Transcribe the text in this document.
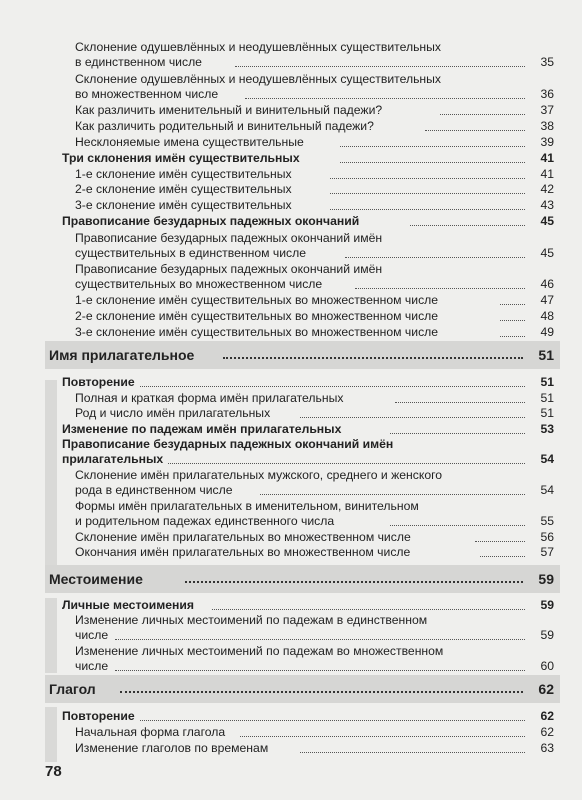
Склонение одушевлённых и неодушевлённых существительных
в единственном числе	35
Склонение одушевлённых и неодушевлённых существительных
во множественном числе	36
Как различить именительный и винительный падежи?	37
Как различить родительный и винительный падежи?	38
Несклоняемые имена существительные	39
Три склонения имён существительных	41
1-е склонение имён существительных	41
2-е склонение имён существительных	42
3-е склонение имён существительных	43
Правописание безударных падежных окончаний	45
Правописание безударных падежных окончаний имён
существительных в единственном числе	45
Правописание безударных падежных окончаний имён
существительных во множественном числе	46
1-е склонение имён существительных во множественном числе	47
2-е склонение имён существительных во множественном числе	48
3-е склонение имён существительных во множественном числе	49
Имя прилагательное	51
Повторение	51
Полная и краткая форма имён прилагательных	51
Род и число имён прилагательных	51
Изменение по падежам имён прилагательных	53
Правописание безударных падежных окончаний имён
прилагательных	54
Склонение имён прилагательных мужского, среднего и женского
рода в единственном числе	54
Формы имён прилагательных в именительном, винительном
и родительном падежах единственного числа	55
Склонение имён прилагательных во множественном числе	56
Окончания имён прилагательных во множественном числе	57
Местоимение	59
Личные местоимения	59
Изменение личных местоимений по падежам в единственном
числе	59
Изменение личных местоимений по падежам во множественном
числе	60
Глагол	62
Повторение	62
Начальная форма глагола	62
Изменение глаголов по временам	63
78
